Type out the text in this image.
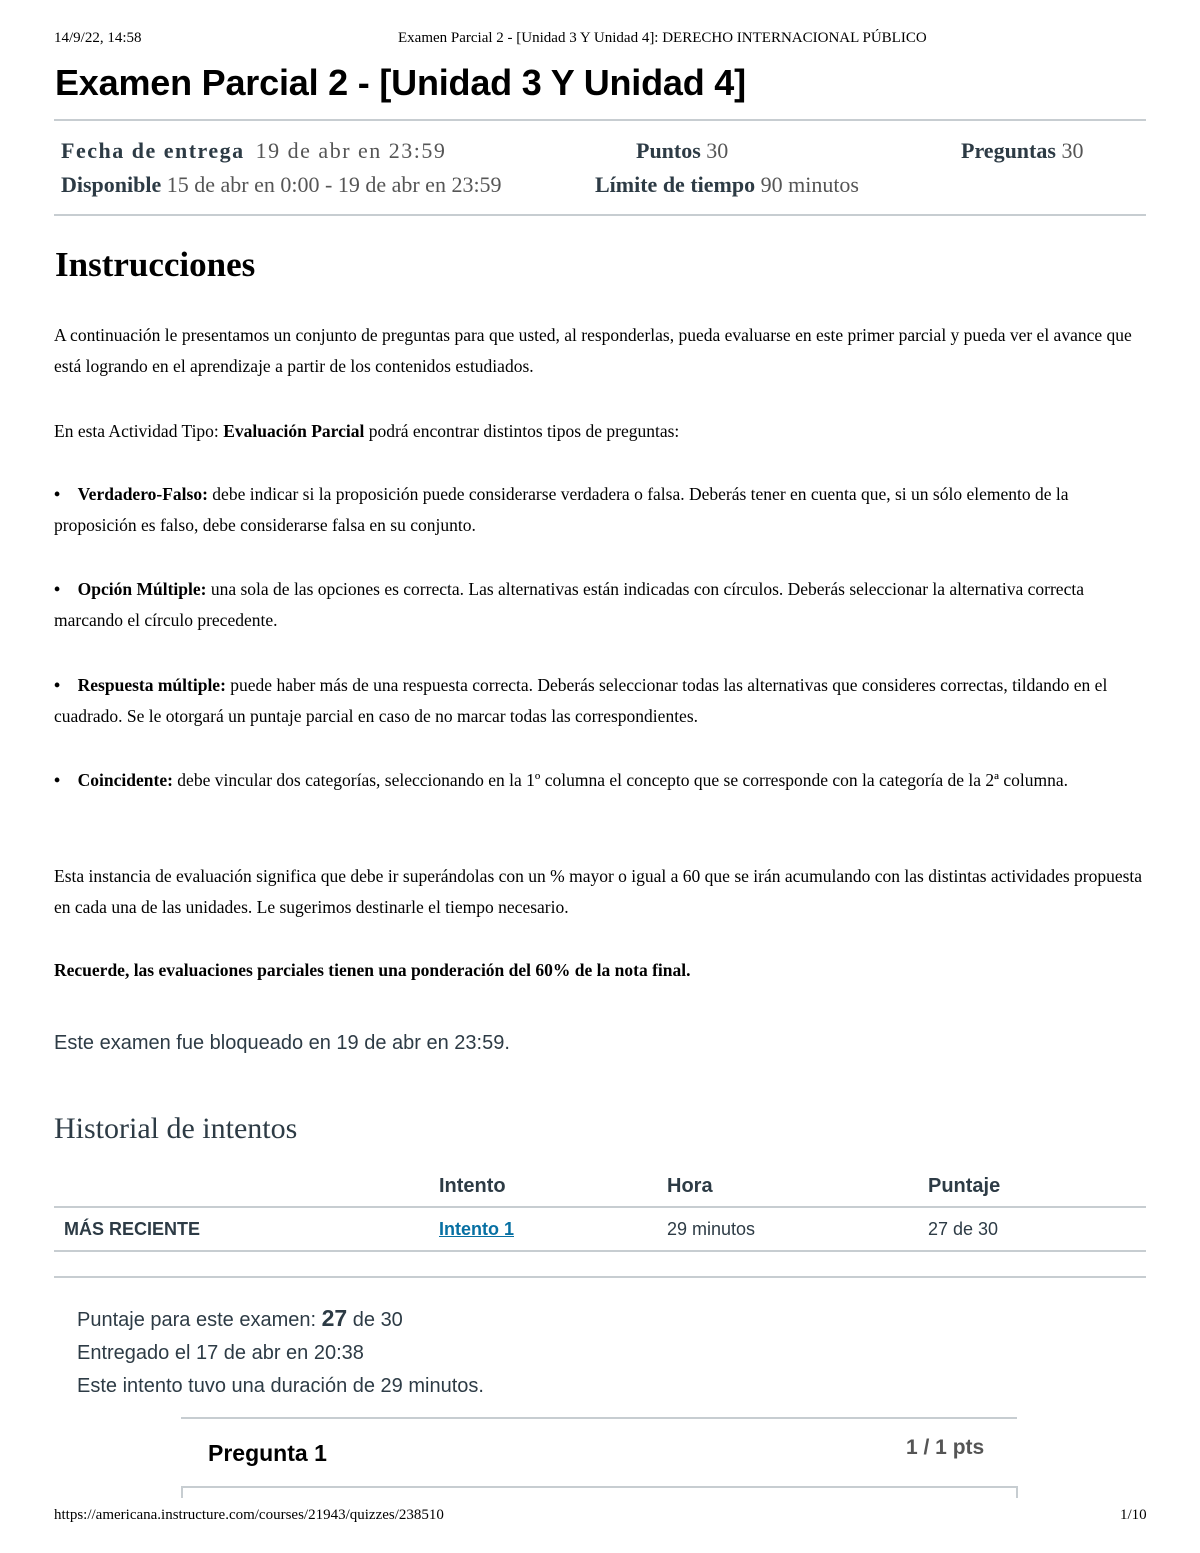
14/9/22, 14:58	Examen Parcial 2 - [Unidad 3 Y Unidad 4]: DERECHO INTERNACIONAL PÚBLICO
Examen Parcial 2 - [Unidad 3 Y Unidad 4]
Fecha de entrega 19 de abr en 23:59	Puntos 30	Preguntas 30
Disponible 15 de abr en 0:00 - 19 de abr en 23:59	Límite de tiempo 90 minutos
Instrucciones

A continuación le presentamos un conjunto de preguntas para que usted, al responderlas, pueda evaluarse en este primer parcial y pueda ver el avance que está logrando en el aprendizaje a partir de los contenidos estudiados.

En esta Actividad Tipo: Evaluación Parcial podrá encontrar distintos tipos de preguntas:

• Verdadero-Falso: debe indicar si la proposición puede considerarse verdadera o falsa. Deberás tener en cuenta que, si un sólo elemento de la proposición es falso, debe considerarse falsa en su conjunto.

• Opción Múltiple: una sola de las opciones es correcta. Las alternativas están indicadas con círculos. Deberás seleccionar la alternativa correcta marcando el círculo precedente.

• Respuesta múltiple: puede haber más de una respuesta correcta. Deberás seleccionar todas las alternativas que consideres correctas, tildando en el cuadrado. Se le otorgará un puntaje parcial en caso de no marcar todas las correspondientes.

• Coincidente: debe vincular dos categorías, seleccionando en la 1º columna el concepto que se corresponde con la categoría de la 2ª columna.

Esta instancia de evaluación significa que debe ir superándolas con un % mayor o igual a 60 que se irán acumulando con las distintas actividades propuesta en cada una de las unidades. Le sugerimos destinarle el tiempo necesario.

Recuerde, las evaluaciones parciales tienen una ponderación del 60% de la nota final.

Este examen fue bloqueado en 19 de abr en 23:59.
Historial de intentos
	Intento	Hora	Puntaje
MÁS RECIENTE	Intento 1	29 minutos	27 de 30
Puntaje para este examen: 27 de 30
Entregado el 17 de abr en 20:38
Este intento tuvo una duración de 29 minutos.
Pregunta 1	1 / 1 pts
https://americana.instructure.com/courses/21943/quizzes/238510	1/10
